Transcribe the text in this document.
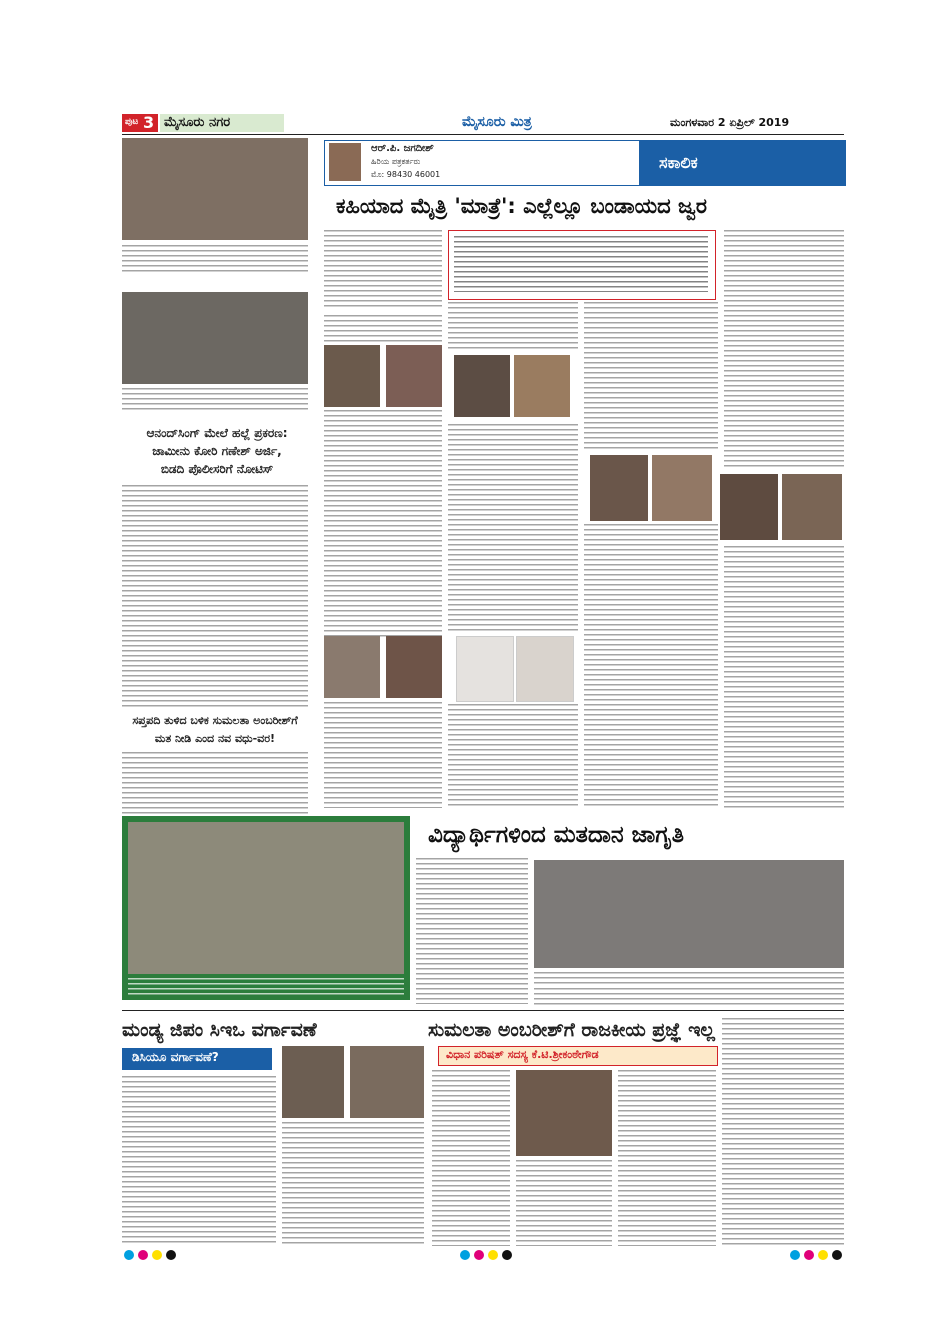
ಪುಟ 3 ಮೈಸೂರು ನಗರ	ಮೈಸೂರು ಮಿತ್ರ	ಮಂಗಳವಾರ 2 ಏಪ್ರಿಲ್ 2019
ಆನಂದ್‌ಸಿಂಗ್ ಮೇಲೆ ಹಲ್ಲೆ ಪ್ರಕರಣ:
ಜಾಮೀನು ಕೋರಿ ಗಣೇಶ್ ಅರ್ಜಿ,
ಬಿಡದಿ ಪೊಲೀಸರಿಗೆ ನೋಟಿಸ್
ಸಪ್ತಪದಿ ತುಳಿದ ಬಳಿಕ ಸುಮಲತಾ ಅಂಬರೀಶ್‌ಗೆ
ಮತ ನೀಡಿ ಎಂದ ನವ ವಧು-ವರ!
ಆರ್.ಪಿ. ಜಗದೀಶ್
ಹಿರಿಯ ಪತ್ರಕರ್ತರು
ಮೊ: 98430 46001
ಸಕಾಲಿಕ
ಕಹಿಯಾದ ಮೈತ್ರಿ 'ಮಾತ್ರೆ': ಎಲ್ಲೆಲ್ಲೂ ಬಂಡಾಯದ ಜ್ವರ
ವಿದ್ಯಾರ್ಥಿಗಳಿಂದ ಮತದಾನ ಜಾಗೃತಿ
ಮಂಡ್ಯ ಜಿಪಂ ಸಿಇಒ ವರ್ಗಾವಣೆ	ಸುಮಲತಾ ಅಂಬರೀಶ್‌ಗೆ ರಾಜಕೀಯ ಪ್ರಜ್ಞೆ ಇಲ್ಲ
ಡಿಸಿಯೂ ವರ್ಗಾವಣೆ?	ವಿಧಾನ ಪರಿಷತ್ ಸದಸ್ಯ ಕೆ.ಟಿ.ಶ್ರೀಕಂಠೇಗೌಡ
